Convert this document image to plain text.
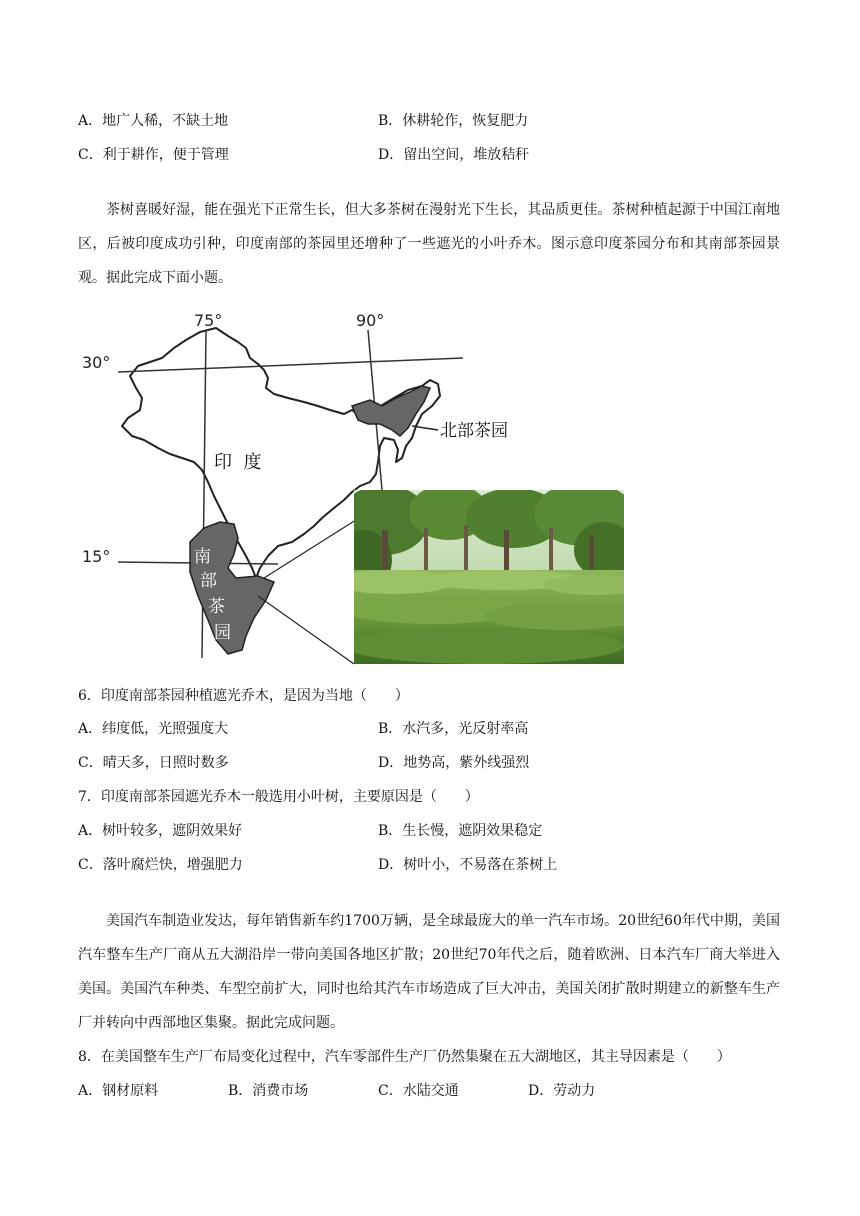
A．地广人稀，不缺土地	B．休耕轮作，恢复肥力
C．利于耕作，便于管理	D．留出空间，堆放秸秆
茶树喜暖好湿，能在强光下正常生长，但大多茶树在漫射光下生长，其品质更佳。茶树种植起源于中国江南地区，后被印度成功引种，印度南部的茶园里还增种了一些遮光的小叶乔木。图示意印度茶园分布和其南部茶园景观。据此完成下面小题。
75°	90°
30°
15°
印  度
北部茶园
南
部
茶
园
6．印度南部茶园种植遮光乔木，是因为当地（　　）
A．纬度低，光照强度大	B．水汽多，光反射率高
C．晴天多，日照时数多	D．地势高，紫外线强烈
7．印度南部茶园遮光乔木一般选用小叶树，主要原因是（　　）
A．树叶较多，遮阴效果好	B．生长慢，遮阴效果稳定
C．落叶腐烂快，增强肥力	D．树叶小，不易落在茶树上
美国汽车制造业发达，每年销售新车约1700万辆，是全球最庞大的单一汽车市场。20世纪60年代中期，美国汽车整车生产厂商从五大湖沿岸一带向美国各地区扩散；20世纪70年代之后，随着欧洲、日本汽车厂商大举进入美国。美国汽车种类、车型空前扩大，同时也给其汽车市场造成了巨大冲击，美国关闭扩散时期建立的新整车生产厂并转向中西部地区集聚。据此完成问题。
8．在美国整车生产厂布局变化过程中，汽车零部件生产厂仍然集聚在五大湖地区，其主导因素是（　　）
A．钢材原料	B．消费市场	C．水陆交通	D．劳动力
